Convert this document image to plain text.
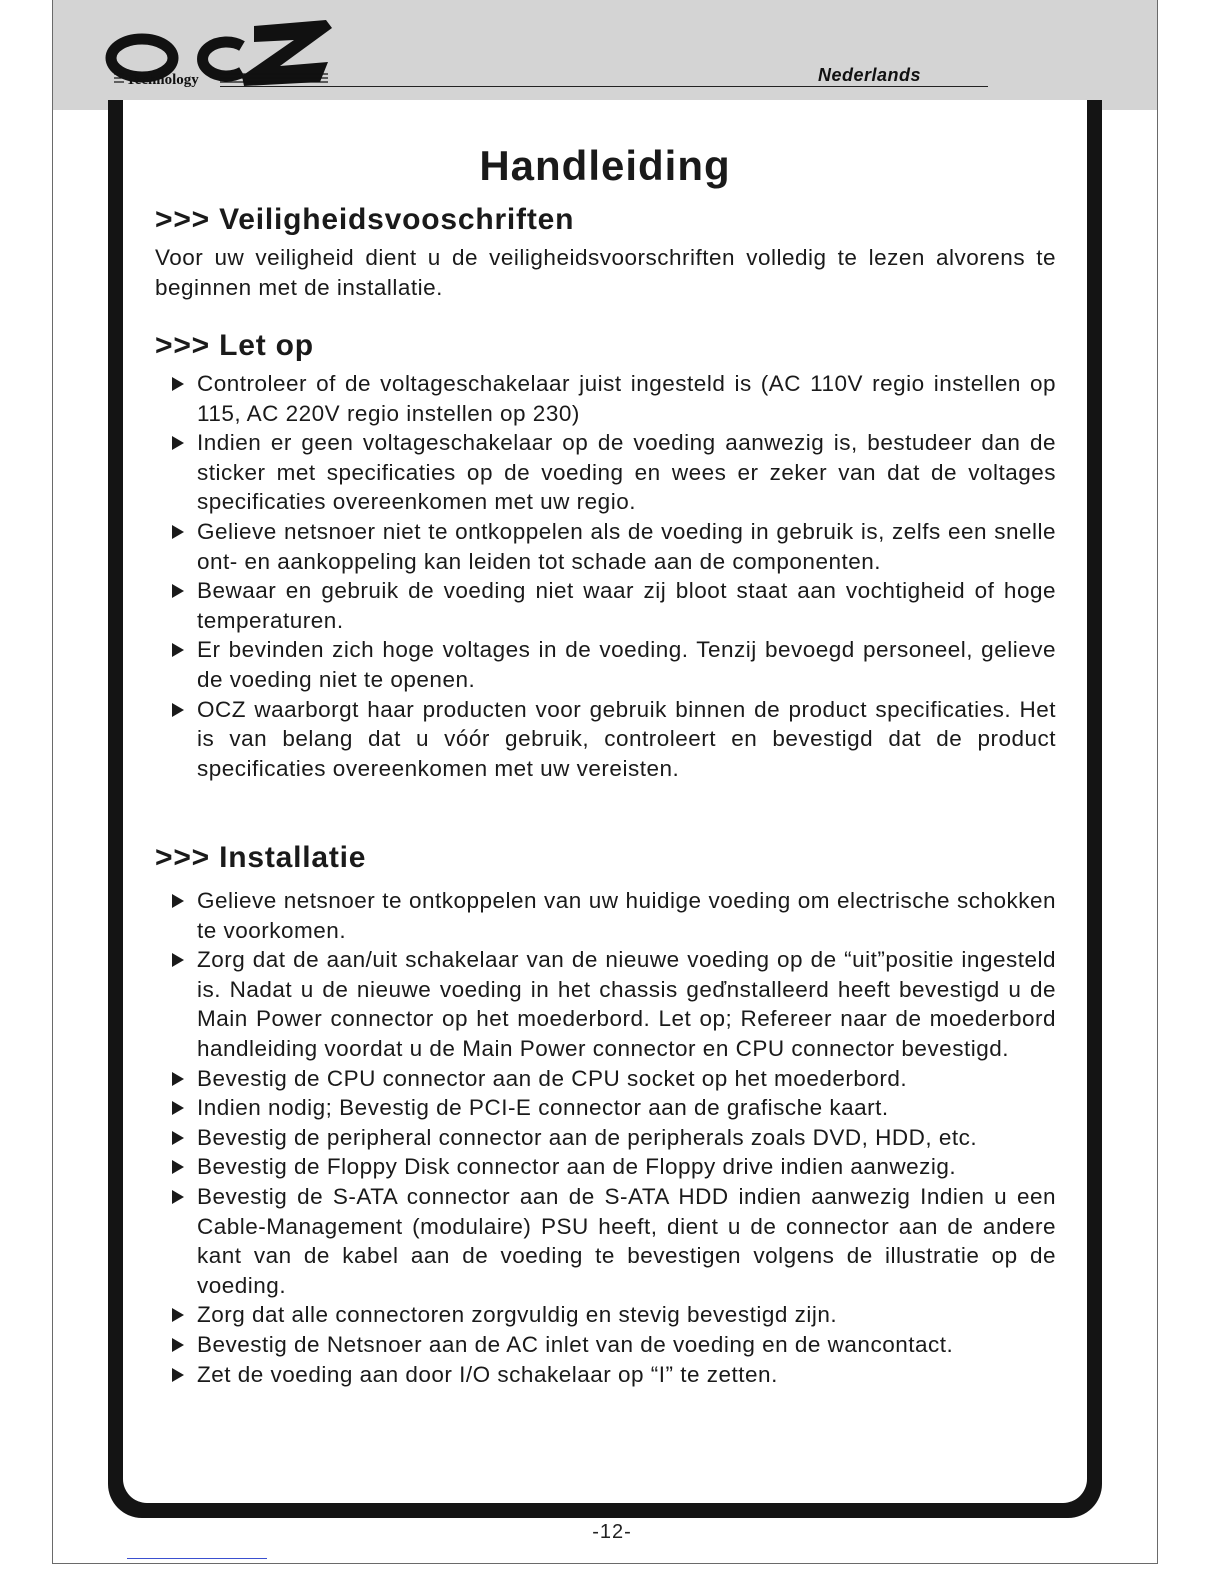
Technology	Nederlands
Handleiding
>>> Veiligheidsvooschriften

Voor uw veiligheid dient u de veiligheidsvoorschriften volledig te lezen alvorens te beginnen met de installatie.

>>> Let op
Controleer of de voltageschakelaar juist ingesteld is (AC 110V regio instellen op 115, AC 220V regio instellen op 230)
Indien er geen voltageschakelaar op de voeding aanwezig is, bestudeer dan de sticker met specificaties op de voeding en wees er zeker van dat de voltages specificaties overeenkomen met uw regio.
Gelieve netsnoer niet te ontkoppelen als de voeding in gebruik is, zelfs een snelle ont- en aankoppeling kan leiden tot schade aan de componenten.
Bewaar en gebruik de voeding niet waar zij bloot staat aan vochtigheid of hoge temperaturen.
Er bevinden zich hoge voltages in de voeding. Tenzij bevoegd personeel, gelieve de voeding niet te openen.
OCZ waarborgt haar producten voor gebruik binnen de product specificaties. Het is van belang dat u vóór gebruik, controleert en bevestigd dat de product specificaties overeenkomen met uw vereisten.
>>> Installatie
Gelieve netsnoer te ontkoppelen van uw huidige voeding om electrische schokken te voorkomen.
Zorg dat de aan/uit schakelaar van de nieuwe voeding op de “uit”positie ingesteld is. Nadat u de nieuwe voeding in het chassis geďnstalleerd heeft bevestigd u de Main Power connector op het moederbord. Let op; Refereer naar de moederbord handleiding voordat u de Main Power connector en CPU connector bevestigd.
Bevestig de CPU connector aan de CPU socket op het moederbord.
Indien nodig; Bevestig de PCI-E connector aan de grafische kaart.
Bevestig de peripheral connector aan de peripherals zoals DVD, HDD, etc.
Bevestig de Floppy Disk connector aan de Floppy drive indien aanwezig.
Bevestig de S-ATA connector aan de S-ATA HDD indien aanwezig Indien u een Cable-Management (modulaire) PSU heeft, dient u de connector aan de andere kant van de kabel aan de voeding te bevestigen volgens de illustratie op de voeding.
Zorg dat alle connectoren zorgvuldig en stevig bevestigd zijn.
Bevestig de Netsnoer aan de AC inlet van de voeding en de wancontact.
Zet de voeding aan door I/O schakelaar op “I” te zetten.
-12-
